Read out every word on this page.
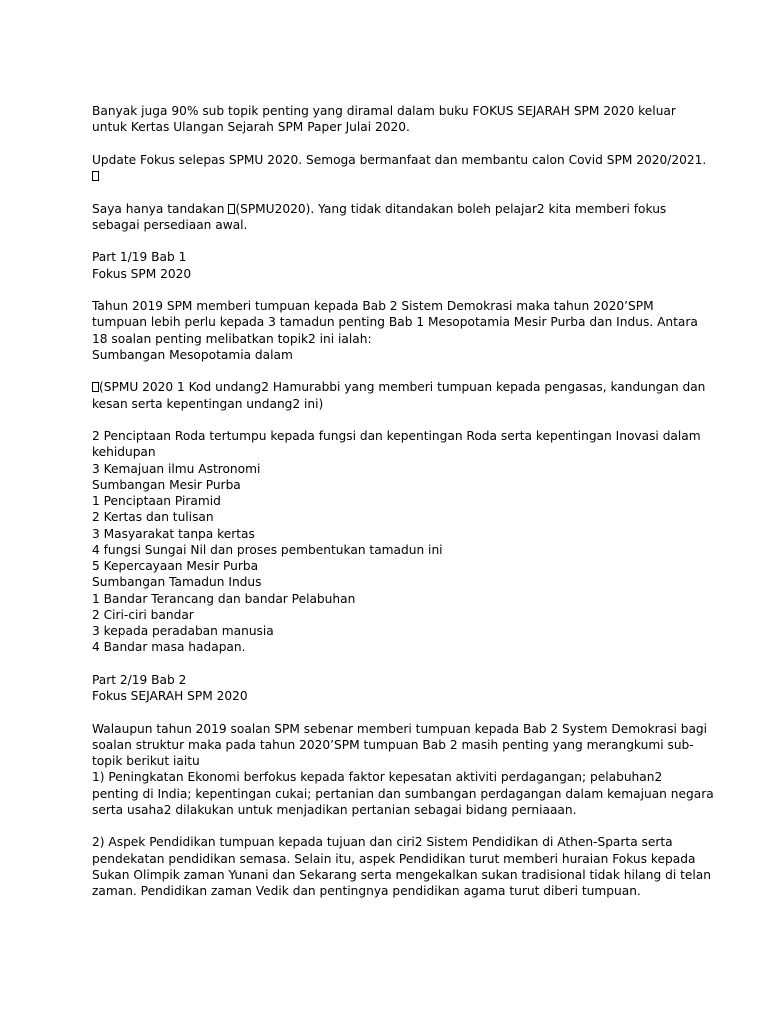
Banyak juga 90% sub topik penting yang diramal dalam buku FOKUS SEJARAH SPM 2020 keluar
untuk Kertas Ulangan Sejarah SPM Paper Julai 2020.
Update Fokus selepas SPMU 2020. Semoga bermanfaat dan membantu calon Covid SPM 2020/2021.
Saya hanya tandakan (SPMU2020). Yang tidak ditandakan boleh pelajar2 kita memberi fokus
sebagai persediaan awal.
Part 1/19 Bab 1
Fokus SPM 2020
Tahun 2019 SPM memberi tumpuan kepada Bab 2 Sistem Demokrasi maka tahun 2020’SPM
tumpuan lebih perlu kepada 3 tamadun penting Bab 1 Mesopotamia Mesir Purba dan Indus. Antara
18 soalan penting melibatkan topik2 ini ialah:
Sumbangan Mesopotamia dalam
(SPMU 2020 1 Kod undang2 Hamurabbi yang memberi tumpuan kepada pengasas, kandungan dan
kesan serta kepentingan undang2 ini)
2 Penciptaan Roda tertumpu kepada fungsi dan kepentingan Roda serta kepentingan Inovasi dalam
kehidupan
3 Kemajuan ilmu Astronomi
Sumbangan Mesir Purba
1 Penciptaan Piramid
2 Kertas dan tulisan
3 Masyarakat tanpa kertas
4 fungsi Sungai Nil dan proses pembentukan tamadun ini
5 Kepercayaan Mesir Purba
Sumbangan Tamadun Indus
1 Bandar Terancang dan bandar Pelabuhan
2 Ciri-ciri bandar
3 kepada peradaban manusia
4 Bandar masa hadapan.
Part 2/19 Bab 2
Fokus SEJARAH SPM 2020
Walaupun tahun 2019 soalan SPM sebenar memberi tumpuan kepada Bab 2 System Demokrasi bagi
soalan struktur maka pada tahun 2020’SPM tumpuan Bab 2 masih penting yang merangkumi sub-
topik berikut iaitu
1) Peningkatan Ekonomi berfokus kepada faktor kepesatan aktiviti perdagangan; pelabuhan2
penting di India; kepentingan cukai; pertanian dan sumbangan perdagangan dalam kemajuan negara
serta usaha2 dilakukan untuk menjadikan pertanian sebagai bidang perniaaan.
2) Aspek Pendidikan tumpuan kepada tujuan dan ciri2 Sistem Pendidikan di Athen-Sparta serta
pendekatan pendidikan semasa. Selain itu, aspek Pendidikan turut memberi huraian Fokus kepada
Sukan Olimpik zaman Yunani dan Sekarang serta mengekalkan sukan tradisional tidak hilang di telan
zaman. Pendidikan zaman Vedik dan pentingnya pendidikan agama turut diberi tumpuan.
